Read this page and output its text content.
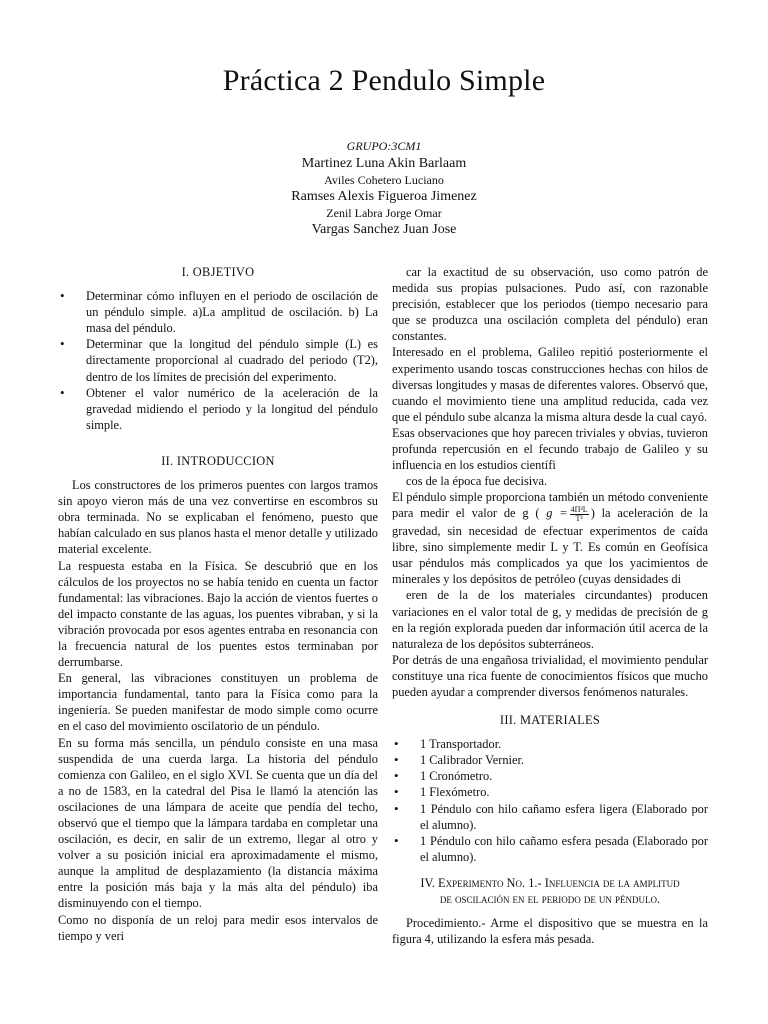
Práctica 2 Pendulo Simple
GRUPO:3CM1
Martinez Luna Akin Barlaam
Aviles Cohetero Luciano
Ramses Alexis Figueroa Jimenez
Zenil Labra Jorge Omar
Vargas Sanchez Juan Jose
I. OBJETIVO
• Determinar cómo influyen en el periodo de oscilación de un péndulo simple. a)La amplitud de oscilación. b) La masa del péndulo.
• Determinar que la longitud del péndulo simple (L) es directamente proporcional al cuadrado del periodo (T2), dentro de los límites de precisión del experimento.
• Obtener el valor numérico de la aceleración de la gravedad midiendo el periodo y la longitud del péndulo simple.
II. INTRODUCCION

Los constructores de los primeros puentes con largos tramos sin apoyo vieron más de una vez convertirse en escombros su obra terminada. No se explicaban el fenómeno, puesto que habían calculado en sus planos hasta el menor detalle y utilizado material excelente.

La respuesta estaba en la Física. Se descubrió que en los cálculos de los proyectos no se había tenido en cuenta un factor fundamental: las vibraciones. Bajo la acción de vientos fuertes o del impacto constante de las aguas, los puentes vibraban, y si la vibración provocada por esos agentes entraba en resonancia con la frecuencia natural de los puentes estos terminaban por derrumbarse.

En general, las vibraciones constituyen un problema de importancia fundamental, tanto para la Física como para la ingeniería. Se pueden manifestar de modo simple como ocurre en el caso del movimiento oscilatorio de un péndulo.

En su forma más sencilla, un péndulo consiste en una masa suspendida de una cuerda larga. La historia del péndulo comienza con Galileo, en el siglo XVI. Se cuenta que un día del a no de 1583, en la catedral del Pisa le llamó la atención las oscilaciones de una lámpara de aceite que pendía del techo, observó que el tiempo que la lámpara tardaba en completar una oscilación, es decir, en salir de un extremo, llegar al otro y volver a su posición inicial era aproximadamente el mismo, aunque la amplitud de desplazamiento (la distancia máxima entre la posición más baja y la más alta del péndulo) iba disminuyendo con el tiempo.

Como no disponía de un reloj para medir esos intervalos de tiempo y veri

car la exactitud de su observación, uso como patrón de medida sus propias pulsaciones. Pudo así, con razonable precisión, establecer que los periodos (tiempo necesario para que se produzca una oscilación completa del péndulo) eran constantes.

Interesado en el problema, Galileo repitió posteriormente el experimento usando toscas construcciones hechas con hilos de diversas longitudes y masas de diferentes valores. Observó que, cuando el movimiento tiene una amplitud reducida, cada vez que el péndulo sube alcanza la misma altura desde la cual cayó.

Esas observaciones que hoy parecen triviales y obvias, tuvieron profunda repercusión en el fecundo trabajo de Galileo y su influencia en los estudios científi

cos de la época fue decisiva.

El péndulo simple proporciona también un método conveniente para medir el valor de g ( $g = \frac{\text{4Π²L}}{\text{T²}}$ ) la aceleración de la gravedad, sin necesidad de efectuar experimentos de caída libre, sino simplemente medir L y T. Es común en Geofísica usar péndulos más complicados ya que los yacimientos de minerales y los depósitos de petróleo (cuyas densidades di

eren de la de los materiales circundantes) producen variaciones en el valor total de g, y medidas de precisión de g en la región explorada pueden dar información útil acerca de la naturaleza de los depósitos subterráneos.

Por detrás de una engañosa trivialidad, el movimiento pendular constituye una rica fuente de conocimientos físicos que mucho pueden ayudar a comprender diversos fenómenos naturales.

III. MATERIALES
• 1 Transportador.
• 1 Calibrador Vernier.
• 1 Cronómetro.
• 1 Flexómetro.
• 1 Péndulo con hilo cañamo esfera ligera (Elaborado por el alumno).
• 1 Péndulo con hilo cañamo esfera pesada (Elaborado por el alumno).
IV. Experimento No. 1.- Influencia de la amplitud
de oscilación en el periodo de un péndulo.

Procedimiento.- Arme el dispositivo que se muestra en la figura 4, utilizando la esfera más pesada.
